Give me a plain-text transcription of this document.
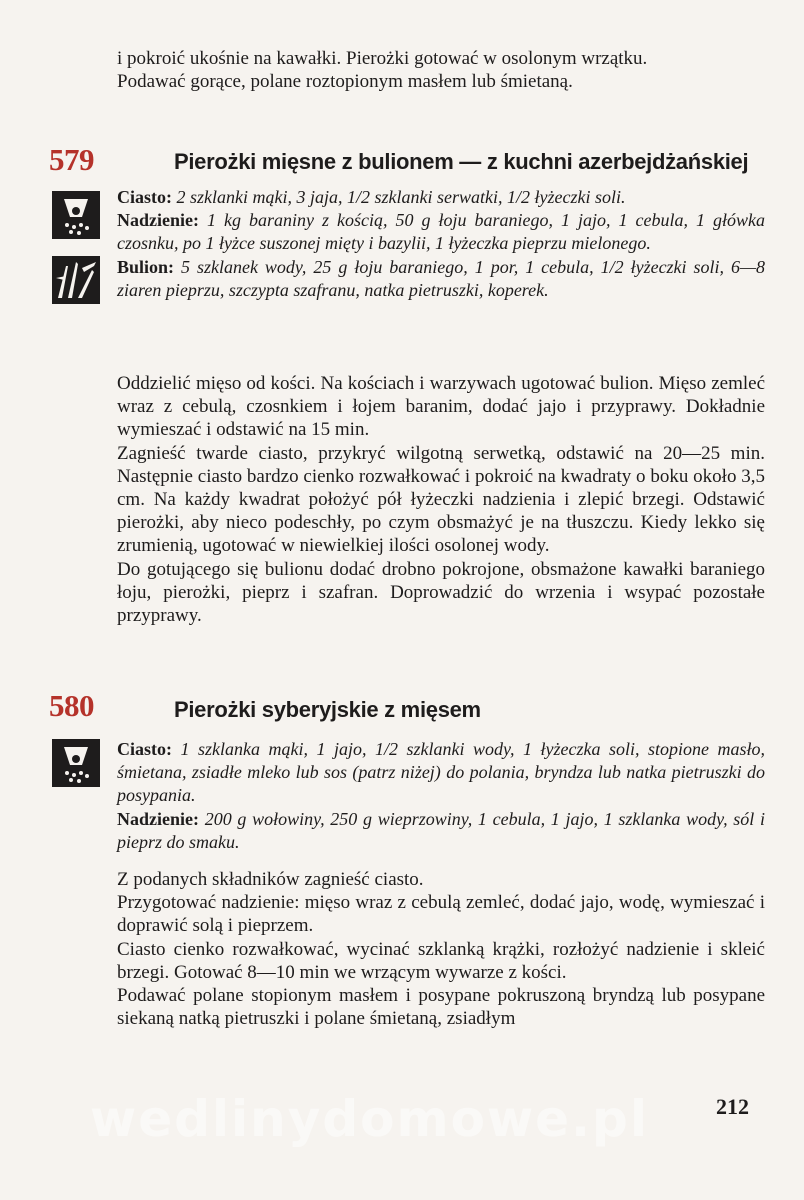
i pokroić ukośnie na kawałki. Pierożki gotować w osolonym wrzątku.

Podawać gorące, polane roztopionym masłem lub śmietaną.

579	Pierożki mięsne z bulionem — z kuchni azerbejdżańskiej

Ciasto: 2 szklanki mąki, 3 jaja, 1/2 szklanki serwatki, 1/2 łyżeczki soli.

Nadzienie: 1 kg baraniny z kością, 50 g łoju baraniego, 1 jajo, 1 cebula, 1 główka czosnku, po 1 łyżce suszonej mięty i bazylii, 1 łyżeczka pieprzu mielonego.

Bulion: 5 szklanek wody, 25 g łoju baraniego, 1 por, 1 cebula, 1/2 łyżeczki soli, 6—8 ziaren pieprzu, szczypta szafranu, natka pietruszki, koperek.

Oddzielić mięso od kości. Na kościach i warzywach ugotować bulion. Mięso zemleć wraz z cebulą, czosnkiem i łojem baranim, dodać jajo i przyprawy. Dokładnie wymieszać i odstawić na 15 min.

Zagnieść twarde ciasto, przykryć wilgotną serwetką, odstawić na 20—25 min. Następnie ciasto bardzo cienko rozwałkować i pokroić na kwadraty o boku około 3,5 cm. Na każdy kwadrat położyć pół łyżeczki nadzienia i zlepić brzegi. Odstawić pierożki, aby nieco podeschły, po czym obsmażyć je na tłuszczu. Kiedy lekko się zrumienią, ugotować w niewielkiej ilości osolonej wody.

Do gotującego się bulionu dodać drobno pokrojone, obsmażone kawałki baraniego łoju, pierożki, pieprz i szafran. Doprowadzić do wrzenia i wsypać pozostałe przyprawy.

580	Pierożki syberyjskie z mięsem

Ciasto: 1 szklanka mąki, 1 jajo, 1/2 szklanki wody, 1 łyżeczka soli, stopione masło, śmietana, zsiadłe mleko lub sos (patrz niżej) do polania, bryndza lub natka pietruszki do posypania.

Nadzienie: 200 g wołowiny, 250 g wieprzowiny, 1 cebula, 1 jajo, 1 szklanka wody, sól i pieprz do smaku.

Z podanych składników zagnieść ciasto.

Przygotować nadzienie: mięso wraz z cebulą zemleć, dodać jajo, wodę, wymieszać i doprawić solą i pieprzem.

Ciasto cienko rozwałkować, wycinać szklanką krążki, rozłożyć nadzienie i skleić brzegi. Gotować 8—10 min we wrzącym wywarze z kości.

Podawać polane stopionym masłem i posypane pokruszoną bryndzą lub posypane siekaną natką pietruszki i polane śmietaną, zsiadłym

wedlinydomowe.pl	212
